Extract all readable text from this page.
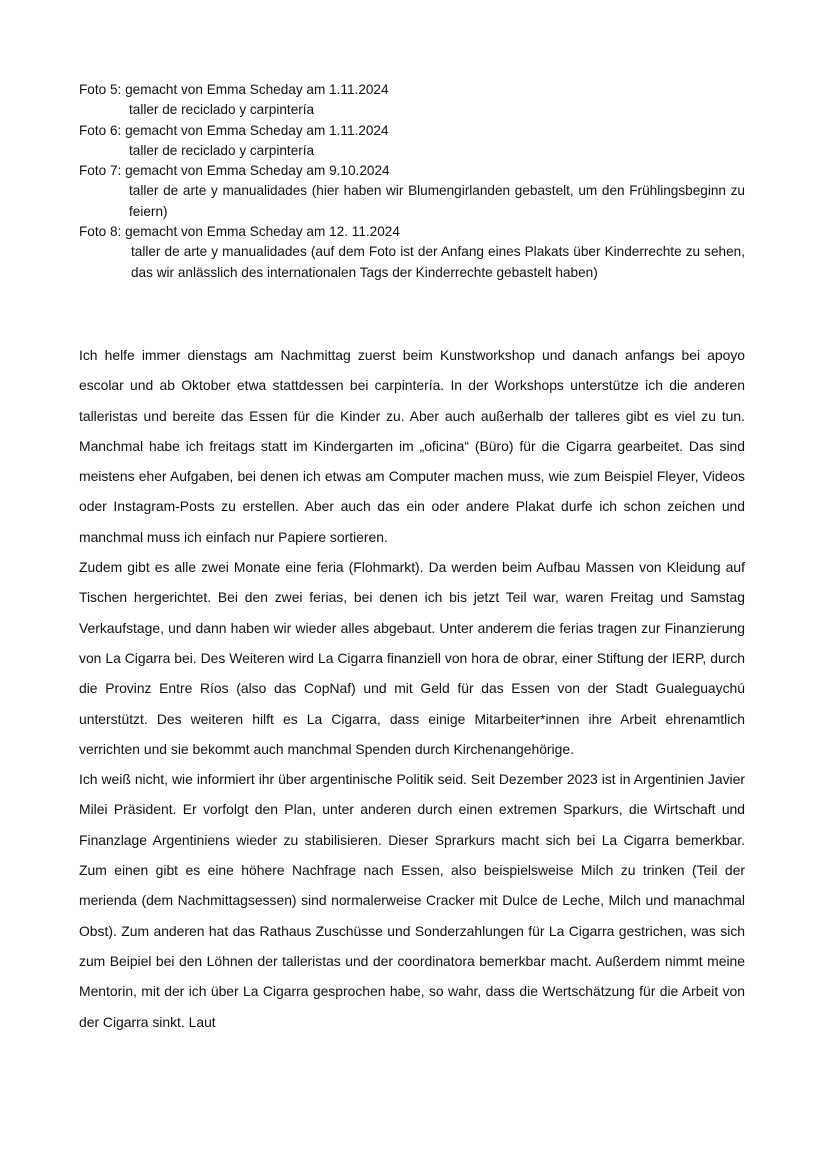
Foto 5: gemacht von Emma Scheday am 1.11.2024
taller de reciclado y carpintería
Foto 6: gemacht von Emma Scheday am 1.11.2024
taller de reciclado y carpintería
Foto 7: gemacht von Emma Scheday am 9.10.2024
taller de arte y manualidades (hier haben wir Blumengirlanden gebastelt, um den Frühlingsbeginn zu feiern)
Foto 8: gemacht von Emma Scheday am 12. 11.2024
taller de arte y manualidades (auf dem Foto ist der Anfang eines Plakats über Kinderrechte zu sehen, das wir anlässlich des internationalen Tags der Kinderrechte gebastelt haben)

Ich helfe immer dienstags am Nachmittag zuerst beim Kunstworkshop und danach anfangs bei apoyo escolar und ab Oktober etwa stattdessen bei carpintería. In der Workshops unterstütze ich die anderen talleristas und bereite das Essen für die Kinder zu. Aber auch außerhalb der talleres gibt es viel zu tun. Manchmal habe ich freitags statt im Kindergarten im „oficina“ (Büro) für die Cigarra gearbeitet. Das sind meistens eher Aufgaben, bei denen ich etwas am Computer machen muss, wie zum Beispiel Fleyer, Videos oder Instagram-Posts zu erstellen. Aber auch das ein oder andere Plakat durfe ich schon zeichen und manchmal muss ich einfach nur Papiere sortieren.

Zudem gibt es alle zwei Monate eine feria (Flohmarkt). Da werden beim Aufbau Massen von Kleidung auf Tischen hergerichtet. Bei den zwei ferias, bei denen ich bis jetzt Teil war, waren Freitag und Samstag Verkaufstage, und dann haben wir wieder alles abgebaut. Unter anderem die ferias tragen zur Finanzierung von La Cigarra bei. Des Weiteren wird La Cigarra finanziell von hora de obrar, einer Stiftung der IERP, durch die Provinz Entre Ríos (also das CopNaf) und mit Geld für das Essen von der Stadt Gualeguaychú unterstützt. Des weiteren hilft es La Cigarra, dass einige Mitarbeiter*innen ihre Arbeit ehrenamtlich verrichten und sie bekommt auch manchmal Spenden durch Kirchenangehörige.

Ich weiß nicht, wie informiert ihr über argentinische Politik seid. Seit Dezember 2023 ist in Argentinien Javier Milei Präsident. Er vorfolgt den Plan, unter anderen durch einen extremen Sparkurs, die Wirtschaft und Finanzlage Argentiniens wieder zu stabilisieren. Dieser Sprarkurs macht sich bei La Cigarra bemerkbar. Zum einen gibt es eine höhere Nachfrage nach Essen, also beispielsweise Milch zu trinken (Teil der merienda (dem Nachmittagsessen) sind normalerweise Cracker mit Dulce de Leche, Milch und manachmal Obst). Zum anderen hat das Rathaus Zuschüsse und Sonderzahlungen für La Cigarra gestrichen, was sich zum Beipiel bei den Löhnen der talleristas und der coordinatora bemerkbar macht. Außerdem nimmt meine Mentorin, mit der ich über La Cigarra gesprochen habe, so wahr, dass die Wertschätzung für die Arbeit von der Cigarra sinkt. Laut
